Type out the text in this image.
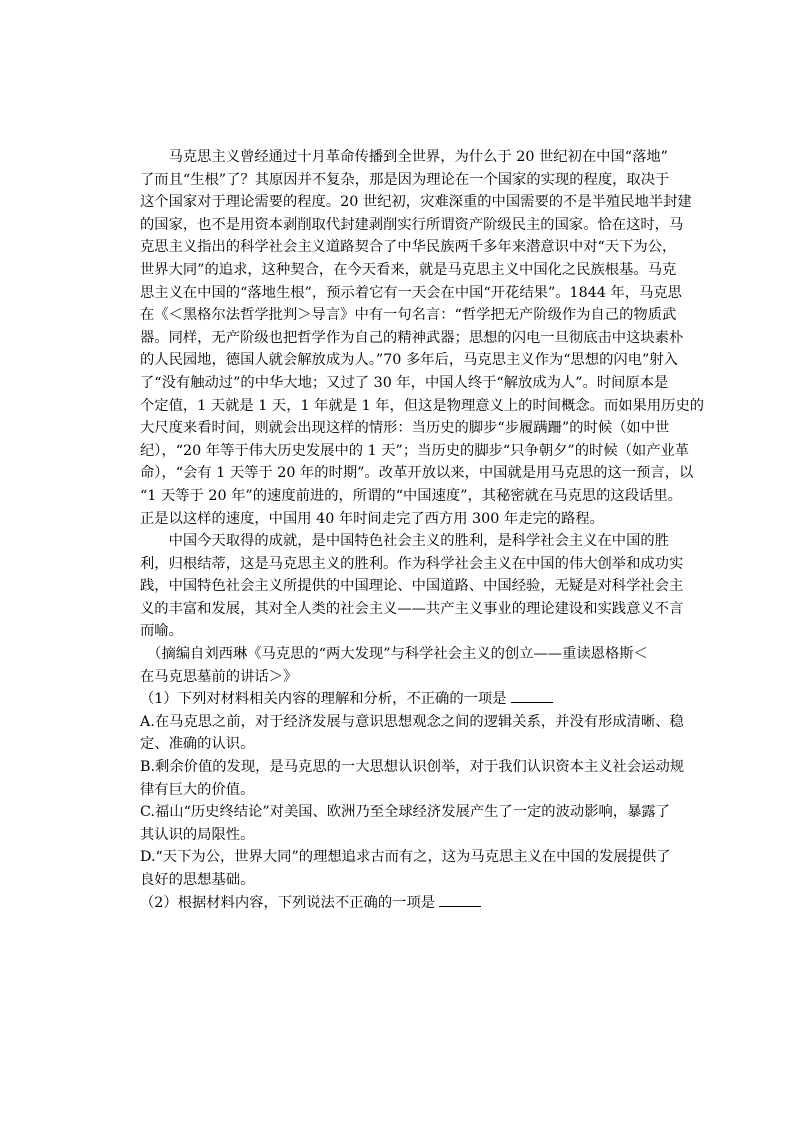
　　马克思主义曾经通过十月革命传播到全世界，为什么于 20 世纪初在中国“落地”
了而且“生根”了？其原因并不复杂，那是因为理论在一个国家的实现的程度，取决于
这个国家对于理论需要的程度。20 世纪初，灾难深重的中国需要的不是半殖民地半封建
的国家，也不是用资本剥削取代封建剥削实行所谓资产阶级民主的国家。恰在这时，马
克思主义指出的科学社会主义道路契合了中华民族两千多年来潜意识中对“天下为公，
世界大同”的追求，这种契合，在今天看来，就是马克思主义中国化之民族根基。马克
思主义在中国的“落地生根”，预示着它有一天会在中国“开花结果”。1844 年，马克思
在《＜黑格尔法哲学批判＞导言》中有一句名言：“哲学把无产阶级作为自己的物质武
器。同样，无产阶级也把哲学作为自己的精神武器；思想的闪电一旦彻底击中这块素朴
的人民园地，德国人就会解放成为人。”70 多年后，马克思主义作为“思想的闪电”射入
了“没有触动过”的中华大地；又过了 30 年，中国人终于“解放成为人”。时间原本是
个定值，1 天就是 1 天，1 年就是 1 年，但这是物理意义上的时间概念。而如果用历史的
大尺度来看时间，则就会出现这样的情形：当历史的脚步“步履蹒跚”的时候（如中世
纪），“20 年等于伟大历史发展中的 1 天”；当历史的脚步“只争朝夕”的时候（如产业革
命），“会有 1 天等于 20 年的时期”。改革开放以来，中国就是用马克思的这一预言，以
“1 天等于 20 年”的速度前进的，所谓的“中国速度”，其秘密就在马克思的这段话里。
正是以这样的速度，中国用 40 年时间走完了西方用 300 年走完的路程。
　　中国今天取得的成就，是中国特色社会主义的胜利，是科学社会主义在中国的胜
利，归根结蒂，这是马克思主义的胜利。作为科学社会主义在中国的伟大创举和成功实
践，中国特色社会主义所提供的中国理论、中国道路、中国经验，无疑是对科学社会主
义的丰富和发展，其对全人类的社会主义——共产主义事业的理论建设和实践意义不言
而喻。
　（摘编自刘西琳《马克思的“两大发现”与科学社会主义的创立——重读恩格斯＜
在马克思墓前的讲话＞》
（1）下列对材料相关内容的理解和分析，不正确的一项是
A.在马克思之前，对于经济发展与意识思想观念之间的逻辑关系，并没有形成清晰、稳
定、准确的认识。
B.剩余价值的发现，是马克思的一大思想认识创举，对于我们认识资本主义社会运动规
律有巨大的价值。
C.福山“历史终结论”对美国、欧洲乃至全球经济发展产生了一定的波动影响，暴露了
其认识的局限性。
D.“天下为公，世界大同”的理想追求古而有之，这为马克思主义在中国的发展提供了
良好的思想基础。
（2）根据材料内容，下列说法不正确的一项是
